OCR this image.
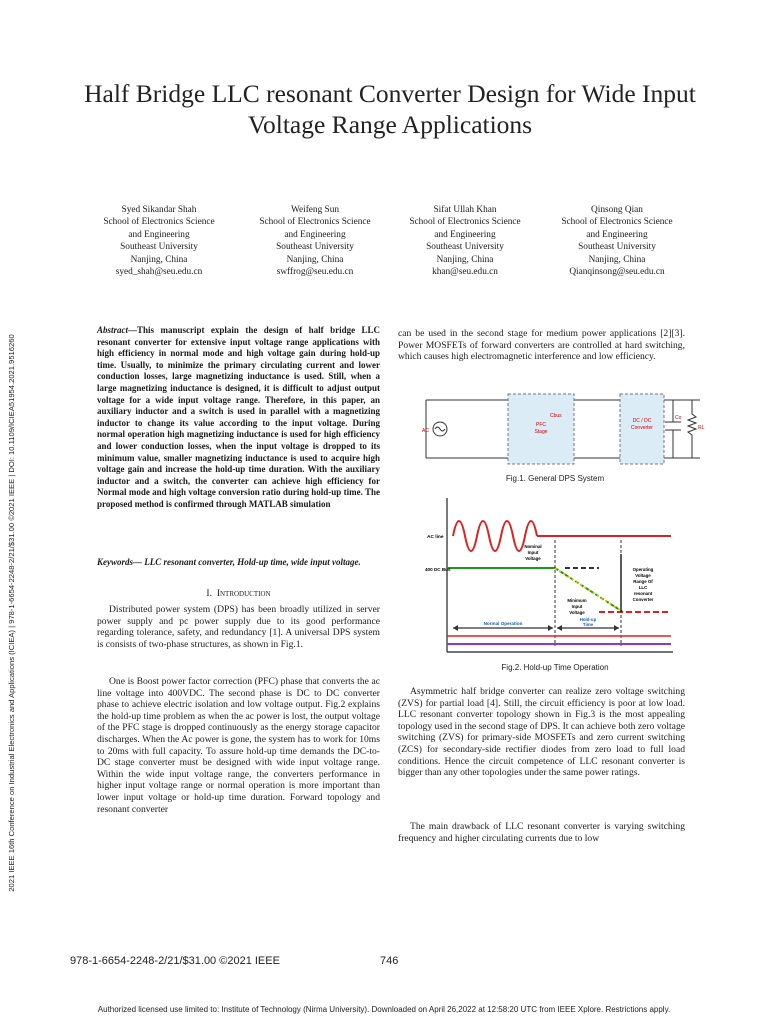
2021 IEEE 16th Conference on Industrial Electronics and Applications (ICIEA) | 978-1-6654-2248-2/21/$31.00 ©2021 IEEE | DOI: 10.1109/ICIEA51954.2021.9516260
Half Bridge LLC resonant Converter Design for Wide Input Voltage Range Applications
Syed Sikandar Shah
School of Electronics Science
and Engineering
Southeast University
Nanjing, China
syed_shah@seu.edu.cn
Weifeng Sun
School of Electronics Science
and Engineering
Southeast University
Nanjing, China
swffrog@seu.edu.cn
Sifat Ullah Khan
School of Electronics Science
and Engineering
Southeast University
Nanjing, China
khan@seu.edu.cn
Qinsong Qian
School of Electronics Science
and Engineering
Southeast University
Nanjing, China
Qianqinsong@seu.edu.cn
Abstract—This manuscript explain the design of half bridge LLC resonant converter for extensive input voltage range applications with high efficiency in normal mode and high voltage gain during hold-up time. Usually, to minimize the primary circulating current and lower conduction losses, large magnetizing inductance is used. Still, when a large magnetizing inductance is designed, it is difficult to adjust output voltage for a wide input voltage range. Therefore, in this paper, an auxiliary inductor and a switch is used in parallel with a magnetizing inductor to change its value according to the input voltage. During normal operation high magnetizing inductance is used for high efficiency and lower conduction losses, when the input voltage is dropped to its minimum value, smaller magnetizing inductance is used to acquire high voltage gain and increase the hold-up time duration. With the auxiliary inductor and a switch, the converter can achieve high efficiency for Normal mode and high voltage conversion ratio during hold-up time. The proposed method is confirmed through MATLAB simulation
Keywords— LLC resonant converter, Hold-up time, wide input voltage.
I. Introduction
Distributed power system (DPS) has been broadly utilized in server power supply and pc power supply due to its good performance regarding tolerance, safety, and redundancy [1]. A universal DPS system is consists of two-phase structures, as shown in Fig.1.
One is Boost power factor correction (PFC) phase that converts the ac line voltage into 400VDC. The second phase is DC to DC converter phase to achieve electric isolation and low voltage output. Fig.2 explains the hold-up time problem as when the ac power is lost, the output voltage of the PFC stage is dropped continuously as the energy storage capacitor discharges. When the Ac power is gone, the system has to work for 10ms to 20ms with full capacity. To assure hold-up time demands the DC-to-DC stage converter must be designed with wide input voltage range. Within the wide input voltage range, the converters performance in higher input voltage range or normal operation is more important than lower input voltage or hold-up time duration. Forward topology and resonant converter
can be used in the second stage for medium power applications [2][3]. Power MOSFETs of forward converters are controlled at hard switching, which causes high electromagnetic interference and low efficiency.
AC
PFC
Stage
Cbus
DC / DC
Converter
Co
RL
Fig.1. General DPS System
AC line
400 DC Bus
Nominal
Input
Voltage
Operating
Voltage
Range Of
LLC
resonant
Converter
Minimum
Input
Voltage
Normal Operation
Hold-up
Time
Fig.2. Hold-up Time Operation
Asymmetric half bridge converter can realize zero voltage switching (ZVS) for partial load [4]. Still, the circuit efficiency is poor at low load. LLC resonant converter topology shown in Fig.3 is the most appealing topology used in the second stage of DPS. It can achieve both zero voltage switching (ZVS) for primary-side MOSFETs and zero current switching (ZCS) for secondary-side rectifier diodes from zero load to full load conditions. Hence the circuit competence of LLC resonant converter is bigger than any other topologies under the same power ratings.
The main drawback of LLC resonant converter is varying switching frequency and higher circulating currents due to low
978-1-6654-2248-2/21/$31.00 ©2021 IEEE	746
Authorized licensed use limited to: Institute of Technology (Nirma University). Downloaded on April 26,2022 at 12:58:20 UTC from IEEE Xplore. Restrictions apply.
